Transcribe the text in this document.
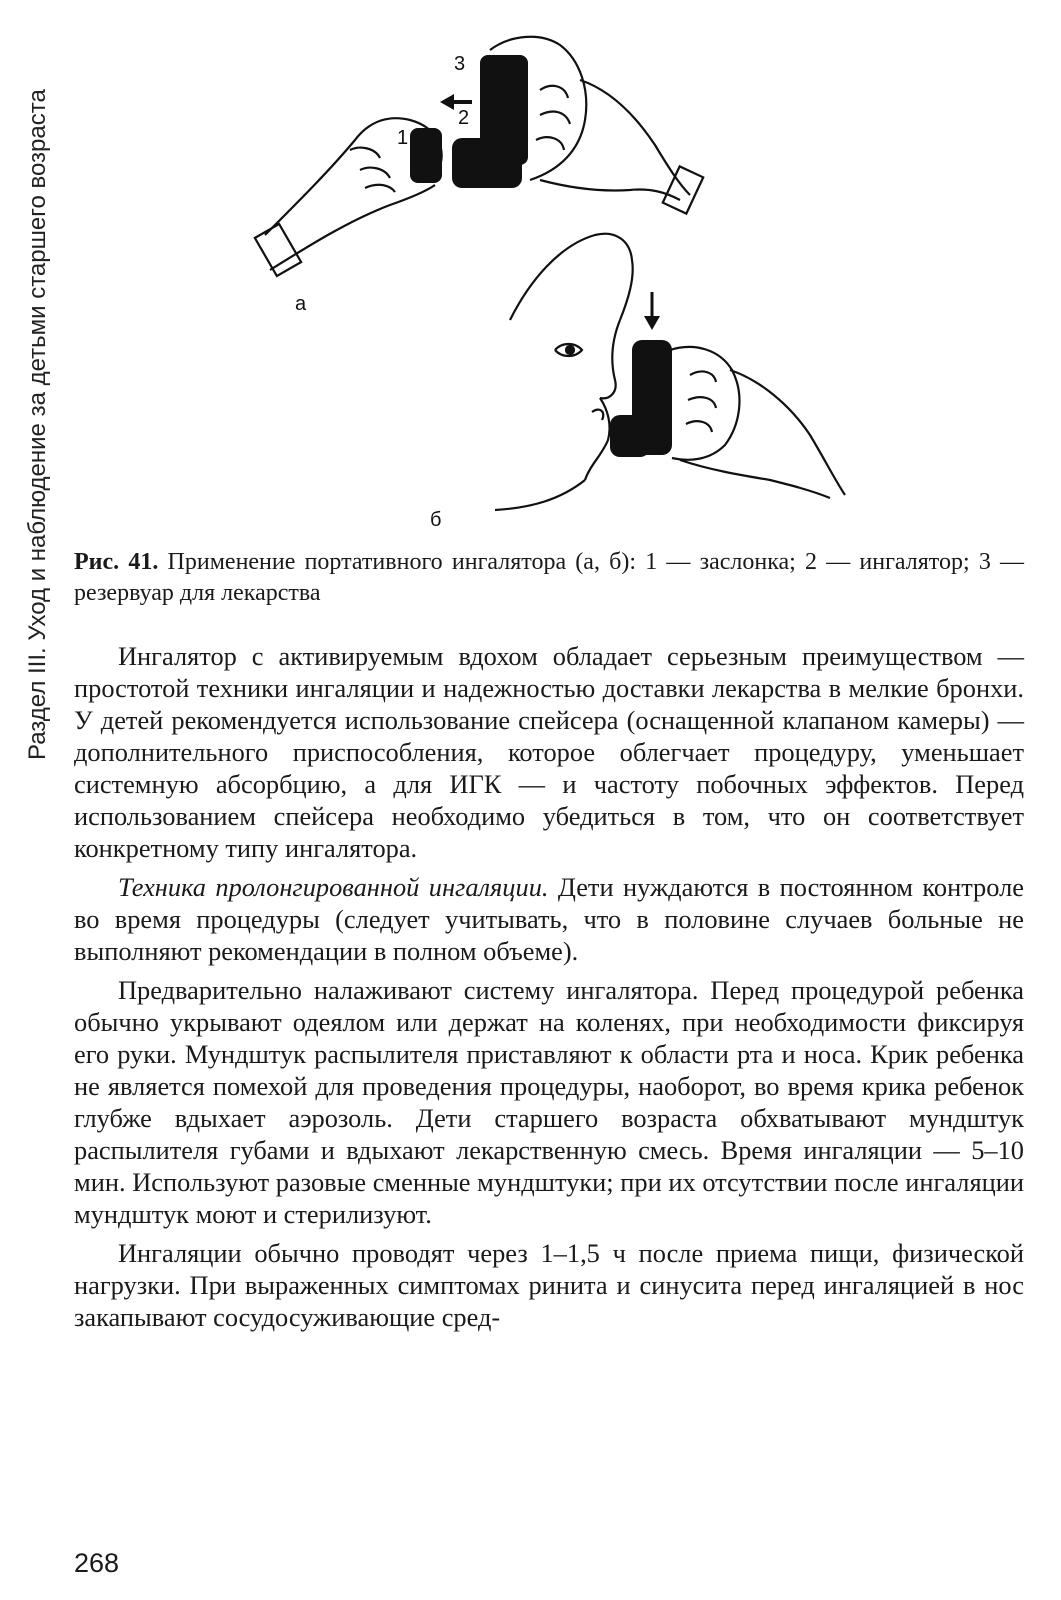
Раздел III. Уход и наблюдение за детьми старшего возраста	1
2
3
а
б
Рис. 41. Применение портативного ингалятора (а, б): 1 — заслонка; 2 — ингалятор; 3 — резервуар для лекарства

Ингалятор с активируемым вдохом обладает серьезным преимуществом — простотой техники ингаляции и надежностью доставки лекарства в мелкие бронхи. У детей рекомендуется использование спейсера (оснащенной клапаном камеры) — дополнительного приспособления, которое облегчает процедуру, уменьшает системную абсорбцию, а для ИГК — и частоту побочных эффектов. Перед использованием спейсера необходимо убедиться в том, что он соответствует конкретному типу ингалятора.

Техника пролонгированной ингаляции. Дети нуждаются в постоянном контроле во время процедуры (следует учитывать, что в половине случаев больные не выполняют рекомендации в полном объеме).

Предварительно налаживают систему ингалятора. Перед процедурой ребенка обычно укрывают одеялом или держат на коленях, при необходимости фиксируя его руки. Мундштук распылителя приставляют к области рта и носа. Крик ребенка не является помехой для проведения процедуры, наоборот, во время крика ребенок глубже вдыхает аэрозоль. Дети старшего возраста обхватывают мундштук распылителя губами и вдыхают лекарственную смесь. Время ингаляции — 5–10 мин. Используют разовые сменные мундштуки; при их отсутствии после ингаляции мундштук моют и стерилизуют.

Ингаляции обычно проводят через 1–1,5 ч после приема пищи, физической нагрузки. При выраженных симптомах ринита и синусита перед ингаляцией в нос закапывают сосудосуживающие сред-

268
